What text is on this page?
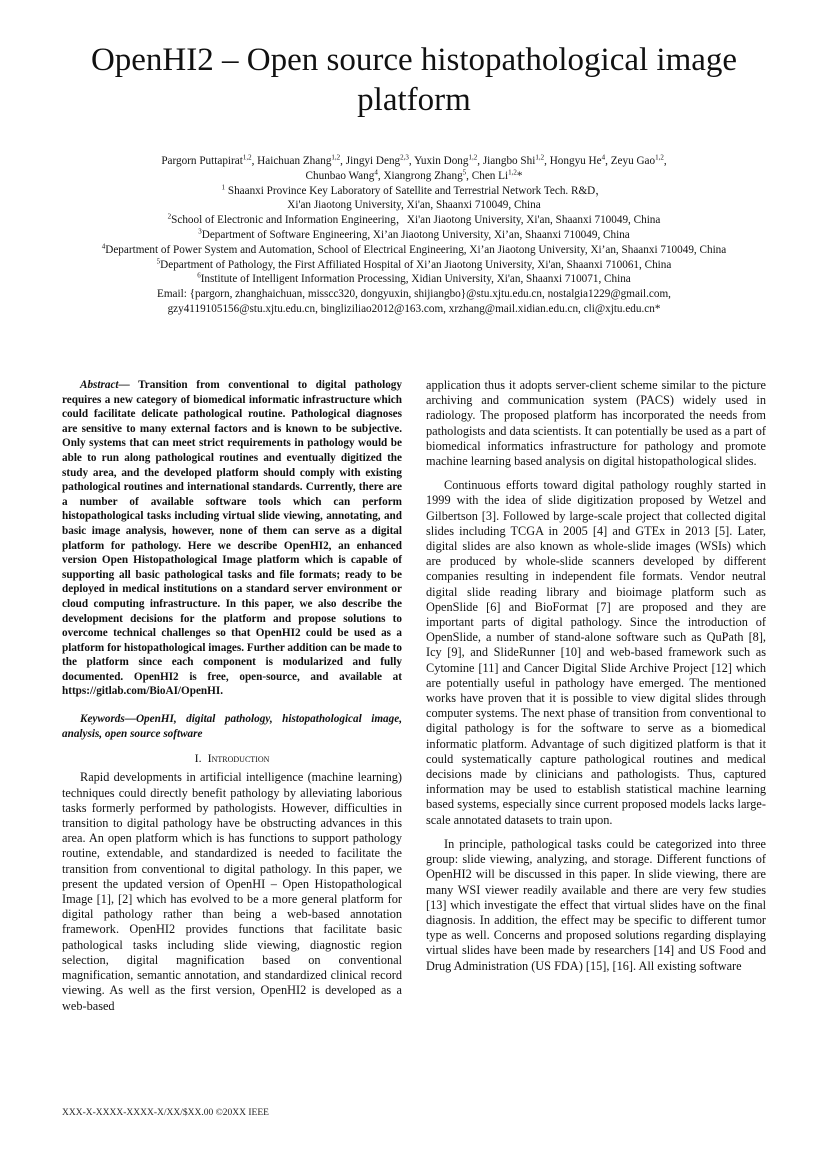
OpenHI2 – Open source histopathological image platform
Pargorn Puttapirat$^{1,2}$, Haichuan Zhang$^{1,2}$, Jingyi Deng$^{2,3}$, Yuxin Dong$^{1,2}$, Jiangbo Shi$^{1,2}$, Hongyu He$^4$, Zeyu Gao$^{1,2}$,
Chunbao Wang$^4$, Xiangrong Zhang$^5$, Chen Li$^{1,2}$*
$^1$ Shaanxi Province Key Laboratory of Satellite and Terrestrial Network Tech. R&D，
Xi'an Jiaotong University, Xi'an, Shaanxi 710049, China
$^2$School of Electronic and Information Engineering，Xi'an Jiaotong University, Xi'an, Shaanxi 710049, China
$^3$Department of Software Engineering, Xi’an Jiaotong University, Xi’an, Shaanxi 710049, China
$^4$Department of Power System and Automation, School of Electrical Engineering, Xi’an Jiaotong University, Xi’an, Shaanxi 710049, China
$^5$Department of Pathology, the First Affiliated Hospital of Xi’an Jiaotong University, Xi'an, Shaanxi 710061, China
$^6$Institute of Intelligent Information Processing, Xidian University, Xi'an, Shaanxi 710071, China
Email: {pargorn, zhanghaichuan, misscc320, dongyuxin, shijiangbo}@stu.xjtu.edu.cn, nostalgia1229@gmail.com,
gzy4119105156@stu.xjtu.edu.cn, bingliziliao2012@163.com, xrzhang@mail.xidian.edu.cn, cli@xjtu.edu.cn*

Abstract— Transition from conventional to digital pathology requires a new category of biomedical informatic infrastructure which could facilitate delicate pathological routine. Pathological diagnoses are sensitive to many external factors and is known to be subjective. Only systems that can meet strict requirements in pathology would be able to run along pathological routines and eventually digitized the study area, and the developed platform should comply with existing pathological routines and international standards. Currently, there are a number of available software tools which can perform histopathological tasks including virtual slide viewing, annotating, and basic image analysis, however, none of them can serve as a digital platform for pathology. Here we describe OpenHI2, an enhanced version Open Histopathological Image platform which is capable of supporting all basic pathological tasks and file formats; ready to be deployed in medical institutions on a standard server environment or cloud computing infrastructure. In this paper, we also describe the development decisions for the platform and propose solutions to overcome technical challenges so that OpenHI2 could be used as a platform for histopathological images. Further addition can be made to the platform since each component is modularized and fully documented. OpenHI2 is free, open-source, and available at https://gitlab.com/BioAI/OpenHI.

Keywords—OpenHI, digital pathology, histopathological image, analysis, open source software

I. Introduction

Rapid developments in artificial intelligence (machine learning) techniques could directly benefit pathology by alleviating laborious tasks formerly performed by pathologists. However, difficulties in transition to digital pathology have be obstructing advances in this area. An open platform which is has functions to support pathology routine, extendable, and standardized is needed to facilitate the transition from conventional to digital pathology. In this paper, we present the updated version of OpenHI – Open Histopathological Image [1], [2] which has evolved to be a more general platform for digital pathology rather than being a web-based annotation framework. OpenHI2 provides functions that facilitate basic pathological tasks including slide viewing, diagnostic region selection, digital magnification based on conventional magnification, semantic annotation, and standardized clinical record viewing. As well as the first version, OpenHI2 is developed as a web-based

application thus it adopts server-client scheme similar to the picture archiving and communication system (PACS) widely used in radiology. The proposed platform has incorporated the needs from pathologists and data scientists. It can potentially be used as a part of biomedical informatics infrastructure for pathology and promote machine learning based analysis on digital histopathological slides.

Continuous efforts toward digital pathology roughly started in 1999 with the idea of slide digitization proposed by Wetzel and Gilbertson [3]. Followed by large-scale project that collected digital slides including TCGA in 2005 [4] and GTEx in 2013 [5]. Later, digital slides are also known as whole-slide images (WSIs) which are produced by whole-slide scanners developed by different companies resulting in independent file formats. Vendor neutral digital slide reading library and bioimage platform such as OpenSlide [6] and BioFormat [7] are proposed and they are important parts of digital pathology. Since the introduction of OpenSlide, a number of stand-alone software such as QuPath [8], Icy [9], and SlideRunner [10] and web-based framework such as Cytomine [11] and Cancer Digital Slide Archive Project [12] which are potentially useful in pathology have emerged. The mentioned works have proven that it is possible to view digital slides through computer systems. The next phase of transition from conventional to digital pathology is for the software to serve as a biomedical informatic platform. Advantage of such digitized platform is that it could systematically capture pathological routines and medical decisions made by clinicians and pathologists. Thus, captured information may be used to establish statistical machine learning based systems, especially since current proposed models lacks large-scale annotated datasets to train upon.

In principle, pathological tasks could be categorized into three group: slide viewing, analyzing, and storage. Different functions of OpenHI2 will be discussed in this paper. In slide viewing, there are many WSI viewer readily available and there are very few studies [13] which investigate the effect that virtual slides have on the final diagnosis. In addition, the effect may be specific to different tumor type as well. Concerns and proposed solutions regarding displaying virtual slides have been made by researchers [14] and US Food and Drug Administration (US FDA) [15], [16]. All existing software

XXX-X-XXXX-XXXX-X/XX/$XX.00 ©20XX IEEE
